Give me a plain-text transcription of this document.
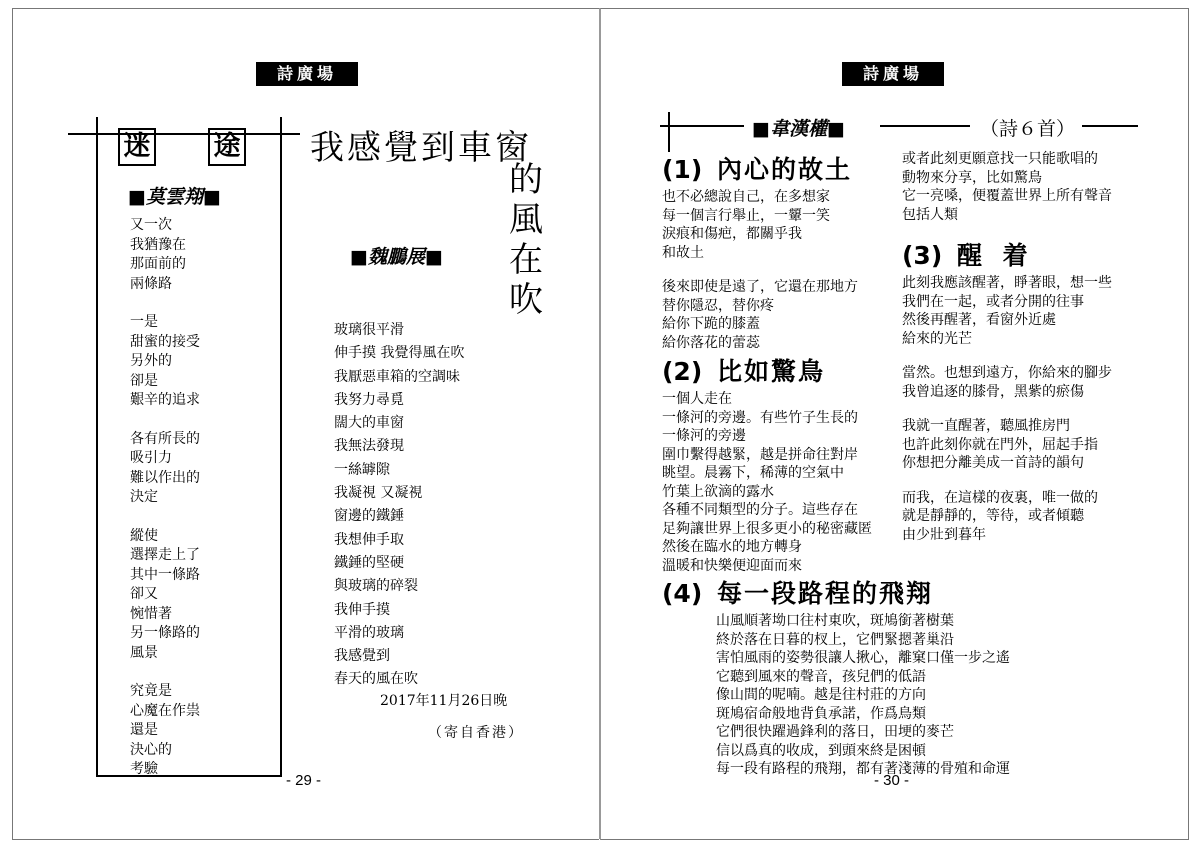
詩廣場
迷 途
■莫雲翔■
又一次
我猶豫在
那面前的
兩條路
一是
甜蜜的接受
另外的
卻是
艱辛的追求
各有所長的
吸引力
難以作出的
決定
縱使
選擇走上了
其中一條路
卻又
惋惜著
另一條路的
風景
究竟是
心魔在作祟
還是
決心的
考驗
我感覺到車窗
的
風
在
吹
■魏鵬展■
玻璃很平滑
伸手摸 我覺得風在吹
我厭惡車箱的空調味
我努力尋覓
闊大的車窗
我無法發現
一絲罅隙
我凝視 又凝視
窗邊的鐵錘
我想伸手取
鐵錘的堅硬
與玻璃的碎裂
我伸手摸
平滑的玻璃
我感覺到
春天的風在吹
2017年11月26日晚
（寄自香港）
- 29 -
詩廣場
■韋漢權■	（詩６首）
(1) 內心的故土
也不必總說自己，在多想家
每一個言行舉止，一顰一笑
淚痕和傷疤，都關乎我
和故土
後來即使是遠了，它還在那地方
替你隱忍，替你疼
給你下跪的膝蓋
給你落花的蕾蕊
(2) 比如驚鳥
一個人走在
一條河的旁邊。有些竹子生長的
一條河的旁邊
圍巾繫得越緊，越是拼命往對岸
眺望。晨霧下，稀薄的空氣中
竹葉上欲滴的露水
各種不同類型的分子。這些存在
足夠讓世界上很多更小的秘密藏匿
然後在臨水的地方轉身
溫暖和快樂便迎面而來
或者此刻更願意找一只能歌唱的
動物來分享，比如驚鳥
它一亮嗓，便覆蓋世界上所有聲音
包括人類
(3) 醒 着
此刻我應該醒著，睜著眼，想一些
我們在一起，或者分開的往事
然後再醒著，看窗外近處
給來的光芒
當然。也想到遠方，你給來的腳步
我曾追逐的膝骨，黑紫的瘀傷
我就一直醒著，聽風推房門
也許此刻你就在門外，屈起手指
你想把分離美成一首詩的韻句
而我，在這樣的夜裏，唯一做的
就是靜靜的，等待，或者傾聽
由少壯到暮年
(4) 每一段路程的飛翔
山風順著坳口往村東吹，斑鳩銜著樹葉
終於落在日暮的杈上，它們緊摁著巢沿
害怕風雨的姿勢很讓人揪心，離窠口僅一步之遙
它聽到風來的聲音，孩兒們的低語
像山間的呢喃。越是往村莊的方向
斑鳩宿命般地背負承諾，作爲鳥類
它們很快躍過鋒利的落日，田埂的麥芒
信以爲真的收成，到頭來終是困頓
每一段有路程的飛翔，都有著淺薄的骨殖和命運
- 30 -
